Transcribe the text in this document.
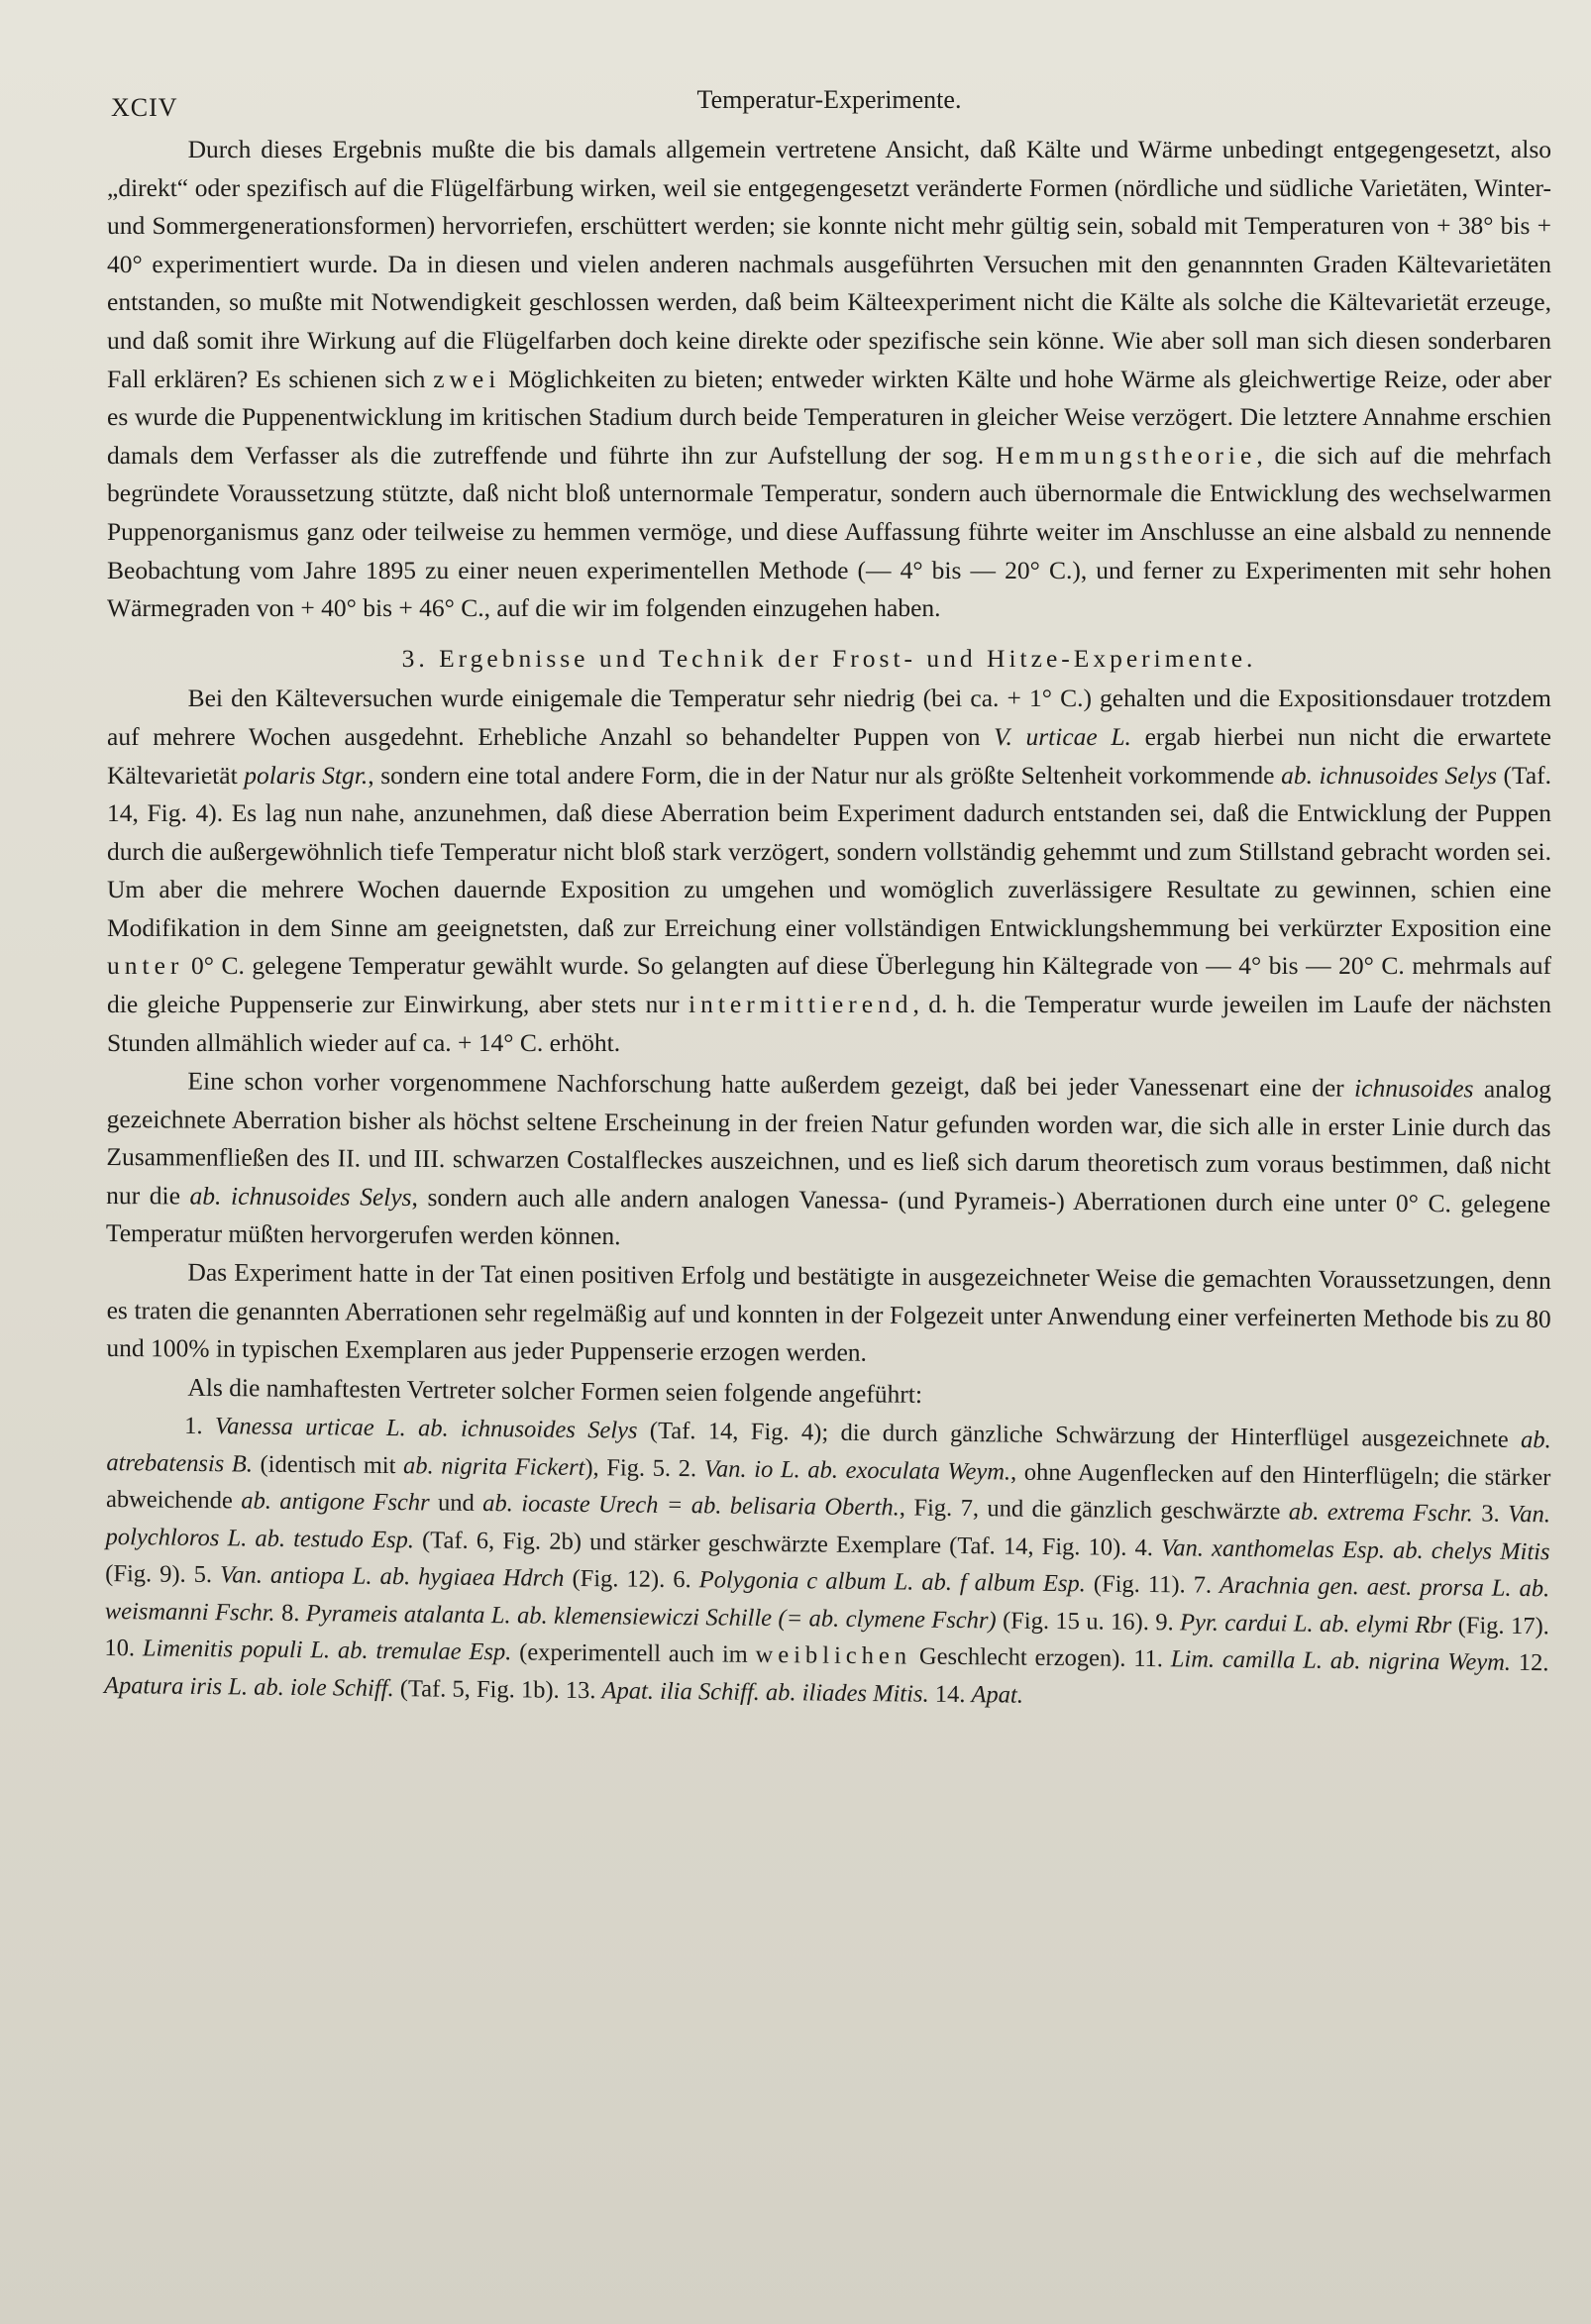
XCIV	Temperatur-Experimente.

Durch dieses Ergebnis mußte die bis damals allgemein vertretene Ansicht, daß Kälte und Wärme unbedingt entgegengesetzt, also „direkt“ oder spezifisch auf die Flügelfärbung wirken, weil sie entgegengesetzt veränderte Formen (nördliche und südliche Varietäten, Winter- und Sommergenerationsformen) hervorriefen, erschüttert werden; sie konnte nicht mehr gültig sein, sobald mit Temperaturen von + 38° bis + 40° experimentiert wurde. Da in diesen und vielen anderen nachmals ausgeführten Versuchen mit den genannnten Graden Kältevarietäten entstanden, so mußte mit Notwendigkeit geschlossen werden, daß beim Kälteexperiment nicht die Kälte als solche die Kältevarietät erzeuge, und daß somit ihre Wirkung auf die Flügelfarben doch keine direkte oder spezifische sein könne. Wie aber soll man sich diesen sonderbaren Fall erklären? Es schienen sich zwei Möglichkeiten zu bieten; entweder wirkten Kälte und hohe Wärme als gleichwertige Reize, oder aber es wurde die Puppenentwicklung im kritischen Stadium durch beide Temperaturen in gleicher Weise verzögert. Die letztere Annahme erschien damals dem Verfasser als die zutreffende und führte ihn zur Aufstellung der sog. Hemmungstheorie, die sich auf die mehrfach begründete Voraussetzung stützte, daß nicht bloß unternormale Temperatur, sondern auch übernormale die Entwicklung des wechselwarmen Puppenorganismus ganz oder teilweise zu hemmen vermöge, und diese Auffassung führte weiter im Anschlusse an eine alsbald zu nennende Beobachtung vom Jahre 1895 zu einer neuen experimentellen Methode (— 4° bis — 20° C.), und ferner zu Experimenten mit sehr hohen Wärmegraden von + 40° bis + 46° C., auf die wir im folgenden einzugehen haben.

3. Ergebnisse und Technik der Frost- und Hitze-Experimente.

Bei den Kälteversuchen wurde einigemale die Temperatur sehr niedrig (bei ca. + 1° C.) gehalten und die Expositionsdauer trotzdem auf mehrere Wochen ausgedehnt. Erhebliche Anzahl so behandelter Puppen von V. urticae L. ergab hierbei nun nicht die erwartete Kältevarietät polaris Stgr., sondern eine total andere Form, die in der Natur nur als größte Seltenheit vorkommende ab. ichnusoides Selys (Taf. 14, Fig. 4). Es lag nun nahe, anzunehmen, daß diese Aberration beim Experiment dadurch entstanden sei, daß die Entwicklung der Puppen durch die außergewöhnlich tiefe Temperatur nicht bloß stark verzögert, sondern vollständig gehemmt und zum Stillstand gebracht worden sei. Um aber die mehrere Wochen dauernde Exposition zu umgehen und womöglich zuverlässigere Resultate zu gewinnen, schien eine Modifikation in dem Sinne am geeignetsten, daß zur Erreichung einer vollständigen Entwicklungshemmung bei verkürzter Exposition eine unter 0° C. gelegene Temperatur gewählt wurde. So gelangten auf diese Überlegung hin Kältegrade von — 4° bis — 20° C. mehrmals auf die gleiche Puppenserie zur Einwirkung, aber stets nur intermittierend, d. h. die Temperatur wurde jeweilen im Laufe der nächsten Stunden allmählich wieder auf ca. + 14° C. erhöht.

Eine schon vorher vorgenommene Nachforschung hatte außerdem gezeigt, daß bei jeder Vanessenart eine der ichnusoides analog gezeichnete Aberration bisher als höchst seltene Erscheinung in der freien Natur gefunden worden war, die sich alle in erster Linie durch das Zusammenfließen des II. und III. schwarzen Costalfleckes auszeichnen, und es ließ sich darum theoretisch zum voraus bestimmen, daß nicht nur die ab. ichnusoides Selys, sondern auch alle andern analogen Vanessa- (und Pyrameis-) Aberrationen durch eine unter 0° C. gelegene Temperatur müßten hervorgerufen werden können.

Das Experiment hatte in der Tat einen positiven Erfolg und bestätigte in ausgezeichneter Weise die gemachten Voraussetzungen, denn es traten die genannten Aberrationen sehr regelmäßig auf und konnten in der Folgezeit unter Anwendung einer verfeinerten Methode bis zu 80 und 100% in typischen Exemplaren aus jeder Puppenserie erzogen werden.

Als die namhaftesten Vertreter solcher Formen seien folgende angeführt:

1. Vanessa urticae L. ab. ichnusoides Selys (Taf. 14, Fig. 4); die durch gänzliche Schwärzung der Hinterflügel ausgezeichnete ab. atrebatensis B. (identisch mit ab. nigrita Fickert), Fig. 5. 2. Van. io L. ab. exoculata Weym., ohne Augenflecken auf den Hinterflügeln; die stärker abweichende ab. antigone Fschr und ab. iocaste Urech = ab. belisaria Oberth., Fig. 7, und die gänzlich geschwärzte ab. extrema Fschr. 3. Van. polychloros L. ab. testudo Esp. (Taf. 6, Fig. 2b) und stärker geschwärzte Exemplare (Taf. 14, Fig. 10). 4. Van. xanthomelas Esp. ab. chelys Mitis (Fig. 9). 5. Van. antiopa L. ab. hygiaea Hdrch (Fig. 12). 6. Polygonia c album L. ab. f album Esp. (Fig. 11). 7. Arachnia gen. aest. prorsa L. ab. weismanni Fschr. 8. Pyrameis atalanta L. ab. klemensiewiczi Schille (= ab. clymene Fschr) (Fig. 15 u. 16). 9. Pyr. cardui L. ab. elymi Rbr (Fig. 17). 10. Limenitis populi L. ab. tremulae Esp. (experimentell auch im weiblichen Geschlecht erzogen). 11. Lim. camilla L. ab. nigrina Weym. 12. Apatura iris L. ab. iole Schiff. (Taf. 5, Fig. 1b). 13. Apat. ilia Schiff. ab. iliades Mitis. 14. Apat.
